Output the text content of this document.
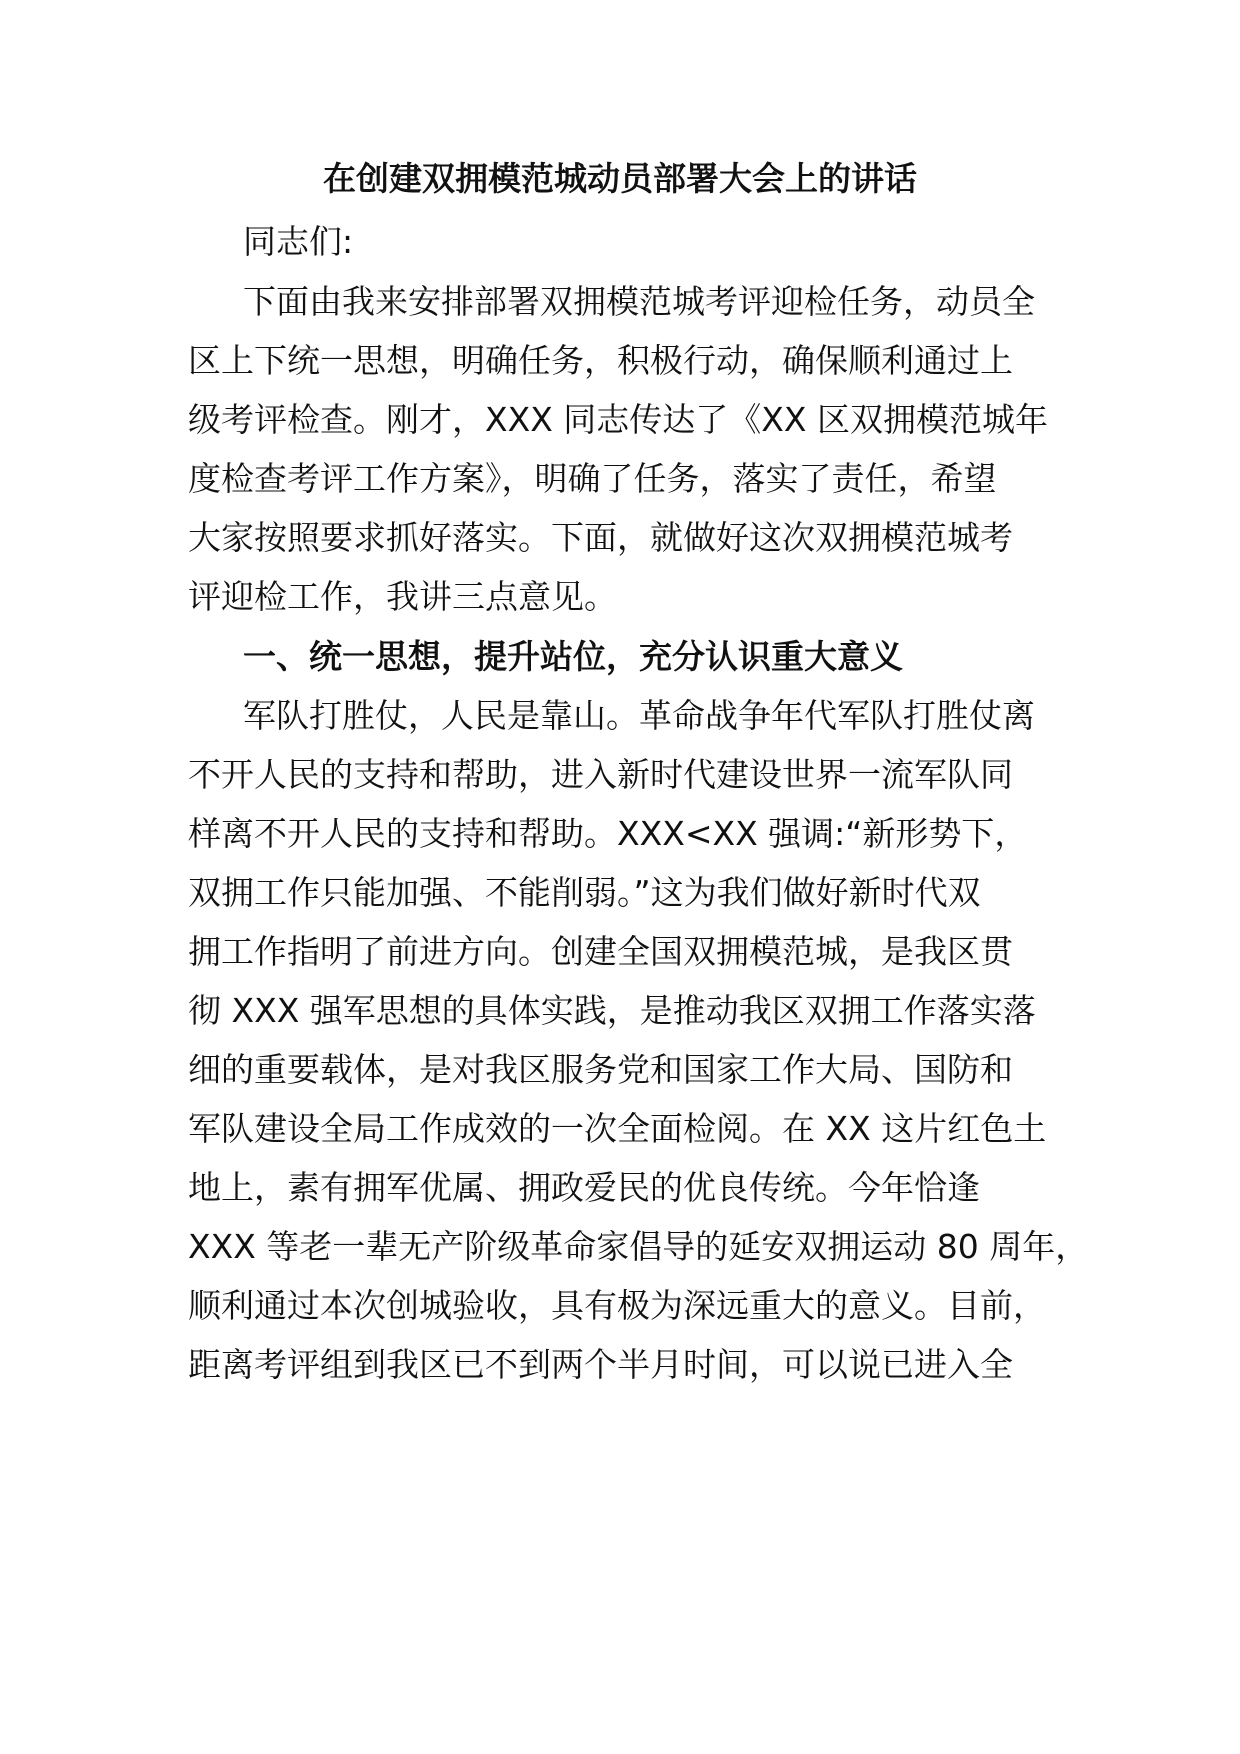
在创建双拥模范城动员部署大会上的讲话
同志们:
下面由我来安排部署双拥模范城考评迎检任务，动员全
区上下统一思想，明确任务，积极行动，确保顺利通过上
级考评检查。刚才，XXX 同志传达了《XX 区双拥模范城年
度检查考评工作方案》，明确了任务，落实了责任，希望
大家按照要求抓好落实。下面，就做好这次双拥模范城考
评迎检工作，我讲三点意见。
一、统一思想，提升站位，充分认识重大意义
军队打胜仗，人民是靠山。革命战争年代军队打胜仗离
不开人民的支持和帮助，进入新时代建设世界一流军队同
样离不开人民的支持和帮助。XXX<XX 强调:“新形势下，
双拥工作只能加强、不能削弱。”这为我们做好新时代双
拥工作指明了前进方向。创建全国双拥模范城，是我区贯
彻 XXX 强军思想的具体实践，是推动我区双拥工作落实落
细的重要载体，是对我区服务党和国家工作大局、国防和
军队建设全局工作成效的一次全面检阅。在 XX 这片红色土
地上，素有拥军优属、拥政爱民的优良传统。今年恰逢
XXX 等老一辈无产阶级革命家倡导的延安双拥运动 80 周年，
顺利通过本次创城验收，具有极为深远重大的意义。目前，
距离考评组到我区已不到两个半月时间，可以说已进入全
